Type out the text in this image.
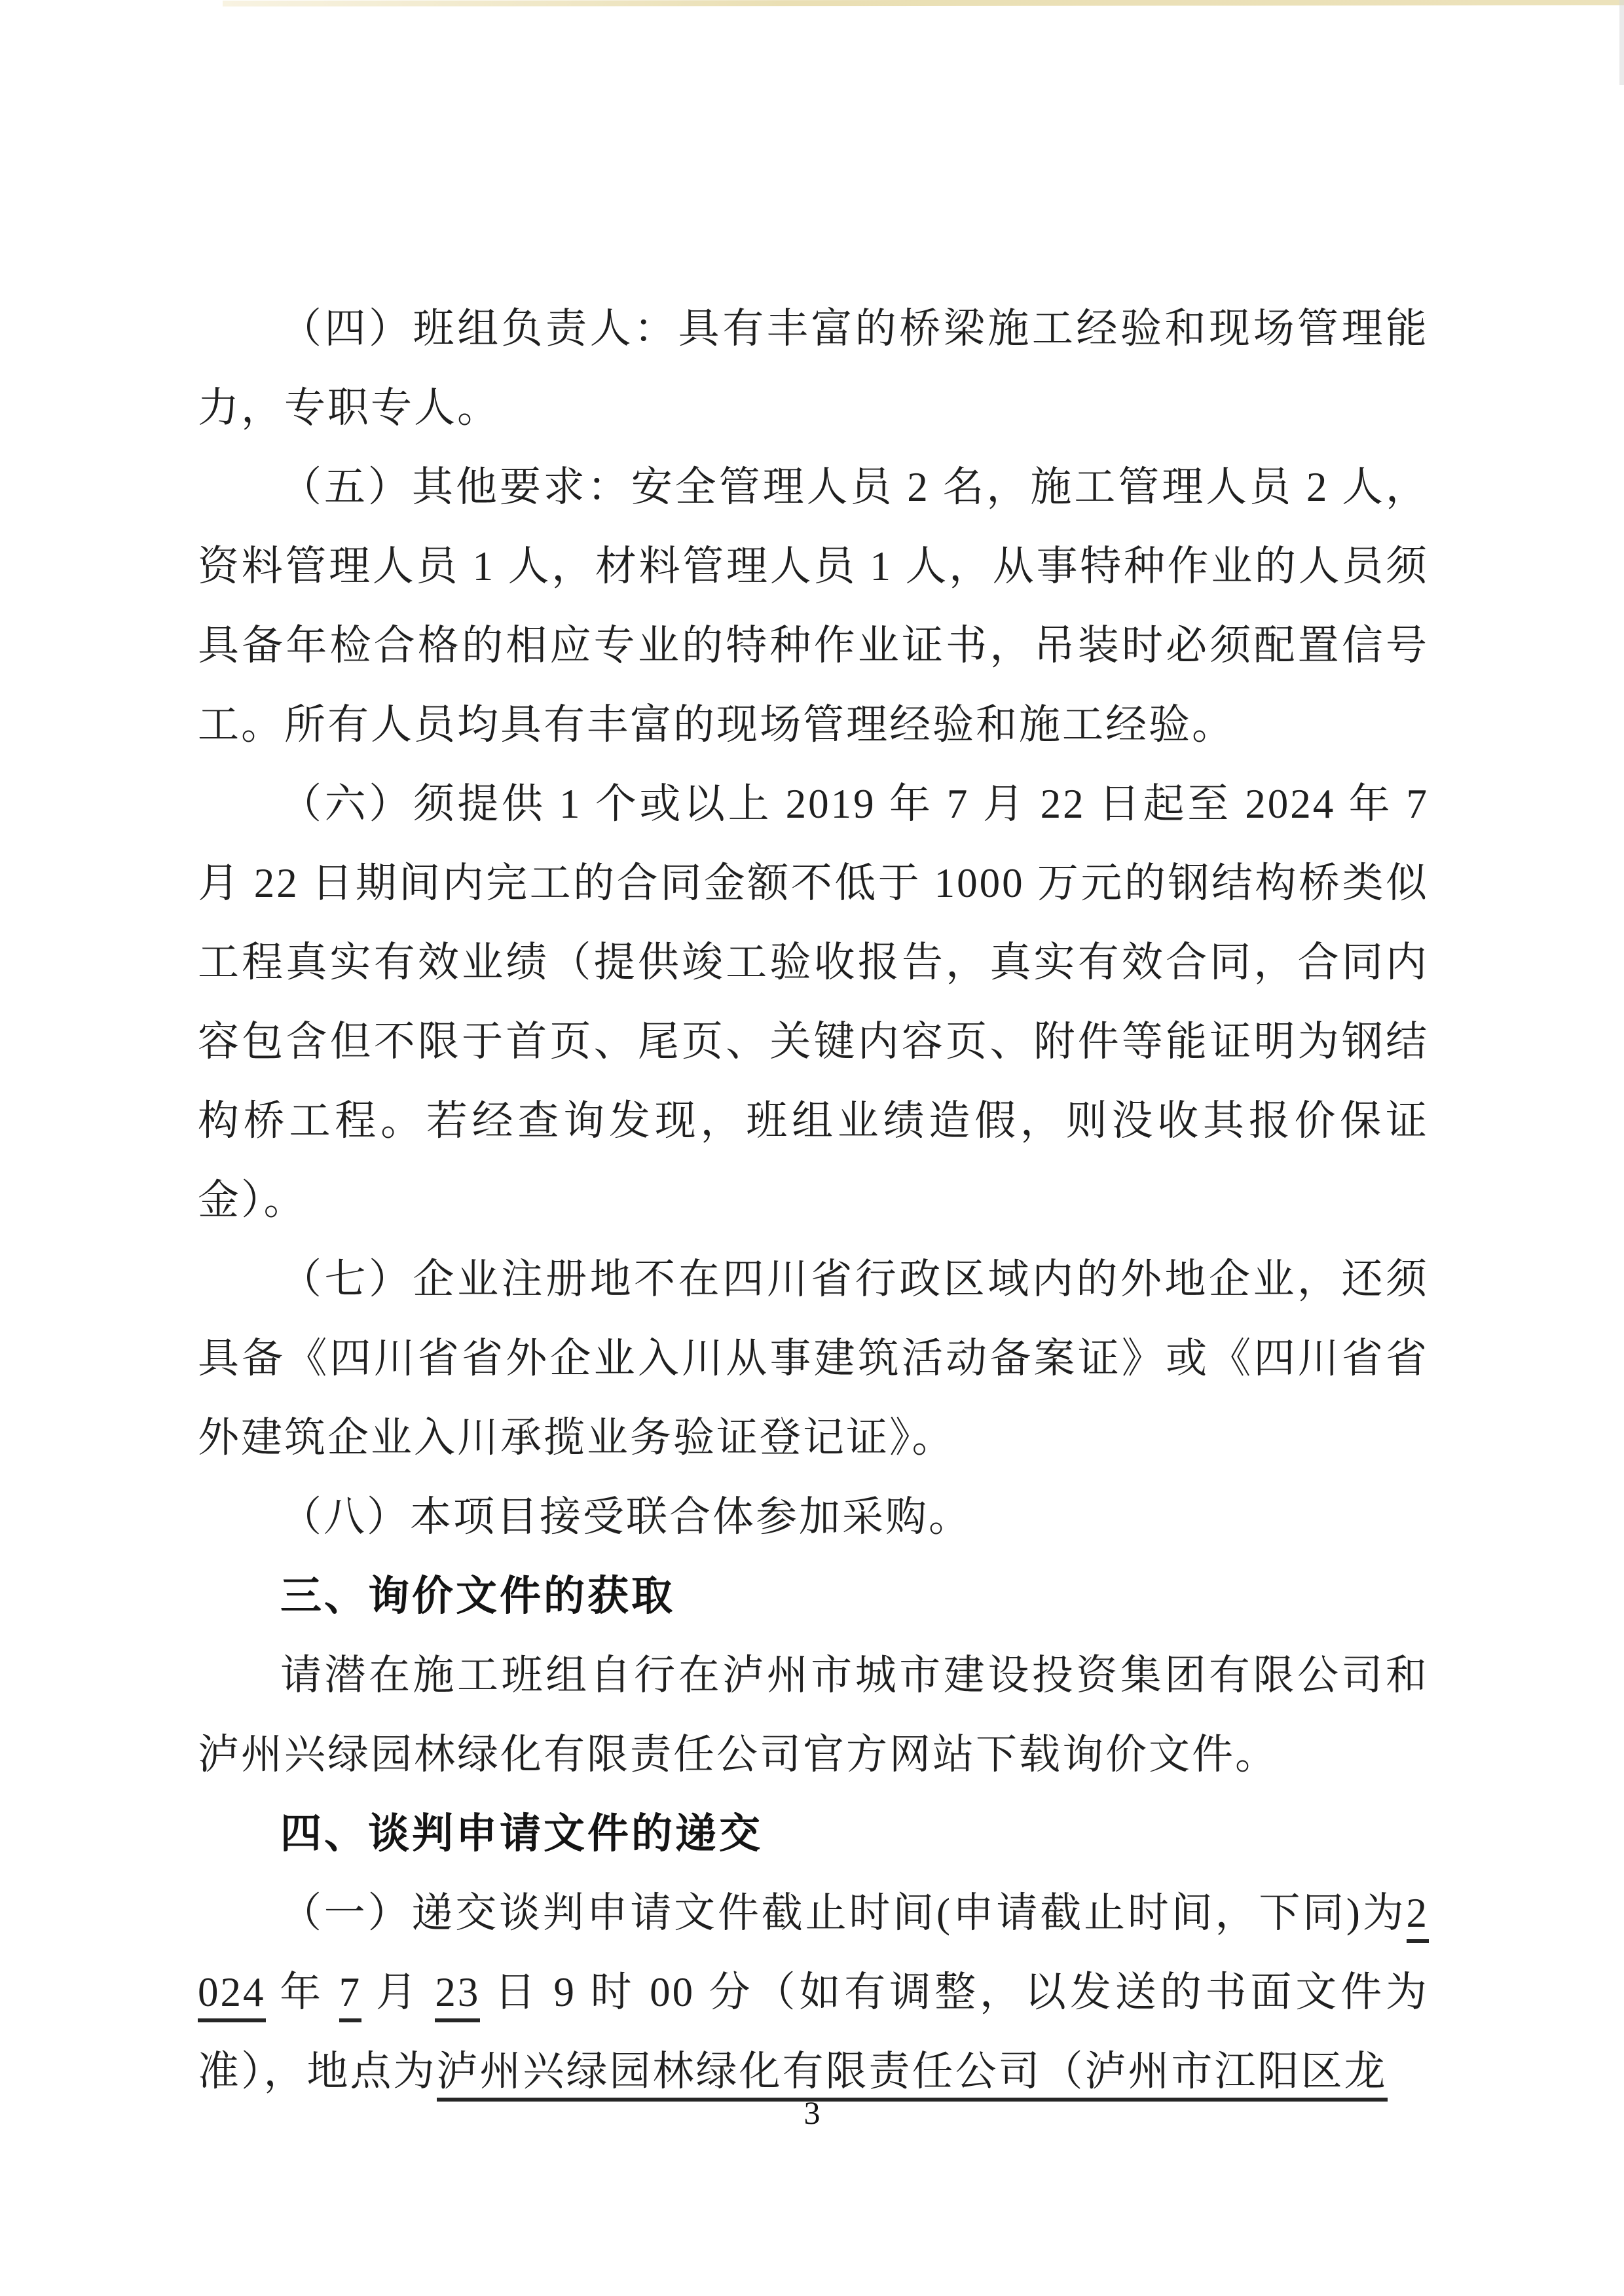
（四）班组负责人：具有丰富的桥梁施工经验和现场管理能力，专职专人。

（五）其他要求：安全管理人员 2 名，施工管理人员 2 人，资料管理人员 1 人，材料管理人员 1 人，从事特种作业的人员须具备年检合格的相应专业的特种作业证书，吊装时必须配置信号工。所有人员均具有丰富的现场管理经验和施工经验。

（六）须提供 1 个或以上 2019 年 7 月 22 日起至 2024 年 7 月 22 日期间内完工的合同金额不低于 1000 万元的钢结构桥类似工程真实有效业绩（提供竣工验收报告，真实有效合同，合同内容包含但不限于首页、尾页、关键内容页、附件等能证明为钢结构桥工程。若经查询发现，班组业绩造假，则没收其报价保证金）。

（七）企业注册地不在四川省行政区域内的外地企业，还须具备《四川省省外企业入川从事建筑活动备案证》或《四川省省外建筑企业入川承揽业务验证登记证》。

（八）本项目接受联合体参加采购。

三、询价文件的获取

请潜在施工班组自行在泸州市城市建设投资集团有限公司和泸州兴绿园林绿化有限责任公司官方网站下载询价文件。

四、谈判申请文件的递交

（一）递交谈判申请文件截止时间(申请截止时间，下同)为2024 年 7 月 23 日 9 时 00 分（如有调整，以发送的书面文件为准），地点为泸州兴绿园林绿化有限责任公司（泸州市江阳区龙

3
